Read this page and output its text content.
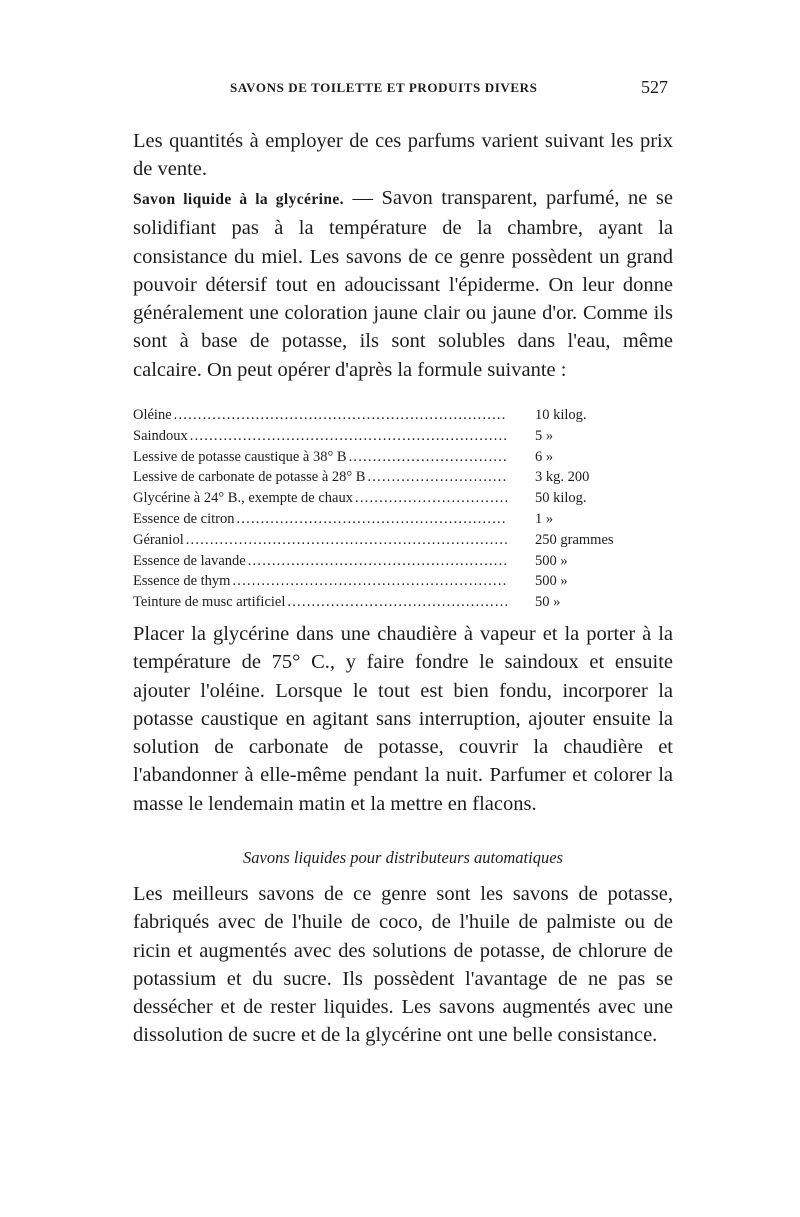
SAVONS DE TOILETTE ET PRODUITS DIVERS	527

Les quantités à employer de ces parfums varient suivant les prix de vente.

Savon liquide à la glycérine. — Savon transparent, parfumé, ne se solidifiant pas à la température de la chambre, ayant la consistance du miel. Les savons de ce genre possèdent un grand pouvoir détersif tout en adoucissant l'épiderme. On leur donne généralement une coloration jaune clair ou jaune d'or. Comme ils sont à base de potasse, ils sont solubles dans l'eau, même calcaire. On peut opérer d'après la formule suivante :

Oléine .....	10 kilog.
Saindoux .....	5 »
Lessive de potasse caustique à 38° B .....	6 »
Lessive de carbonate de potasse à 28° B .....	3 kg. 200
Glycérine à 24° B., exempte de chaux .....	50 kilog.
Essence de citron .....	1 »
Géraniol .....	250 grammes
Essence de lavande .....	500 »
Essence de thym .....	500 »
Teinture de musc artificiel .....	50 »

Placer la glycérine dans une chaudière à vapeur et la porter à la température de 75° C., y faire fondre le saindoux et ensuite ajouter l'oléine. Lorsque le tout est bien fondu, incorporer la potasse caustique en agitant sans interruption, ajouter ensuite la solution de carbonate de potasse, couvrir la chaudière et l'abandonner à elle-même pendant la nuit. Parfumer et colorer la masse le lendemain matin et la mettre en flacons.

Savons liquides pour distributeurs automatiques

Les meilleurs savons de ce genre sont les savons de potasse, fabriqués avec de l'huile de coco, de l'huile de palmiste ou de ricin et augmentés avec des solutions de potasse, de chlorure de potassium et du sucre. Ils possèdent l'avantage de ne pas se dessécher et de rester liquides. Les savons augmentés avec une dissolution de sucre et de la glycérine ont une belle consistance.
